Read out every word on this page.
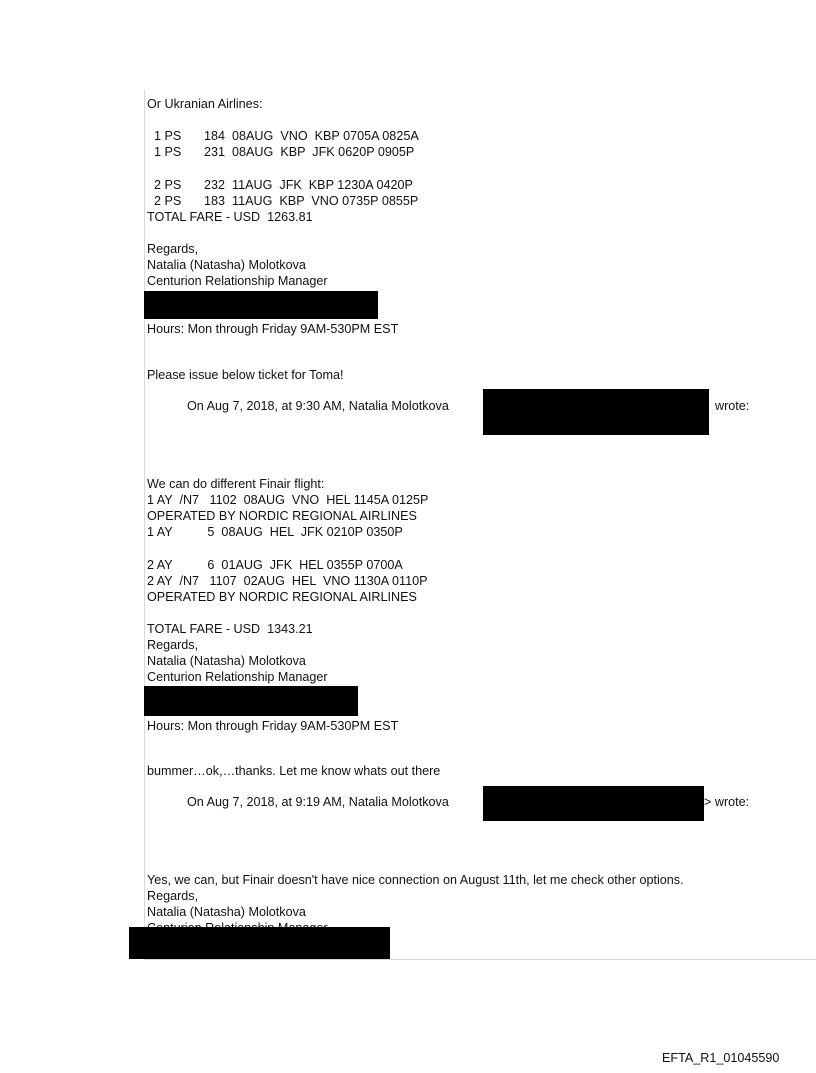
Or Ukranian Airlines:

1 PS 184 08AUG VNO  KBP 0705A 0825A

1 PS 231 08AUG KBP  JFK 0620P 0905P

2 PS 232 11AUG JFK  KBP 1230A 0420P

2 PS 183 11AUG KBP  VNO 0735P 0855P

TOTAL FARE - USD  1263.81
Regards,
Natalia (Natasha) Molotkova
Centurion Relationship Manager
Hours: Mon through Friday 9AM-530PM EST
Please issue below ticket for Toma!
On Aug 7, 2018, at 9:30 AM, Natalia Molotkova	wrote:
We can do different Finair flight:
1 AY  /N7   1102  08AUG  VNO  HEL 1145A 0125P
OPERATED BY NORDIC REGIONAL AIRLINES
1 AY          5  08AUG  HEL  JFK 0210P 0350P
2 AY          6  01AUG  JFK  HEL 0355P 0700A
2 AY  /N7   1107  02AUG  HEL  VNO 1130A 0110P
OPERATED BY NORDIC REGIONAL AIRLINES
TOTAL FARE - USD  1343.21
Regards,
Natalia (Natasha) Molotkova
Centurion Relationship Manager
Hours: Mon through Friday 9AM-530PM EST
bummer…ok,…thanks. Let me know whats out there
On Aug 7, 2018, at 9:19 AM, Natalia Molotkova	> wrote:
Yes, we can, but Finair doesn't have nice connection on August 11th, let me check other options.
Regards,
Natalia (Natasha) Molotkova
EFTA_R1_01045590
